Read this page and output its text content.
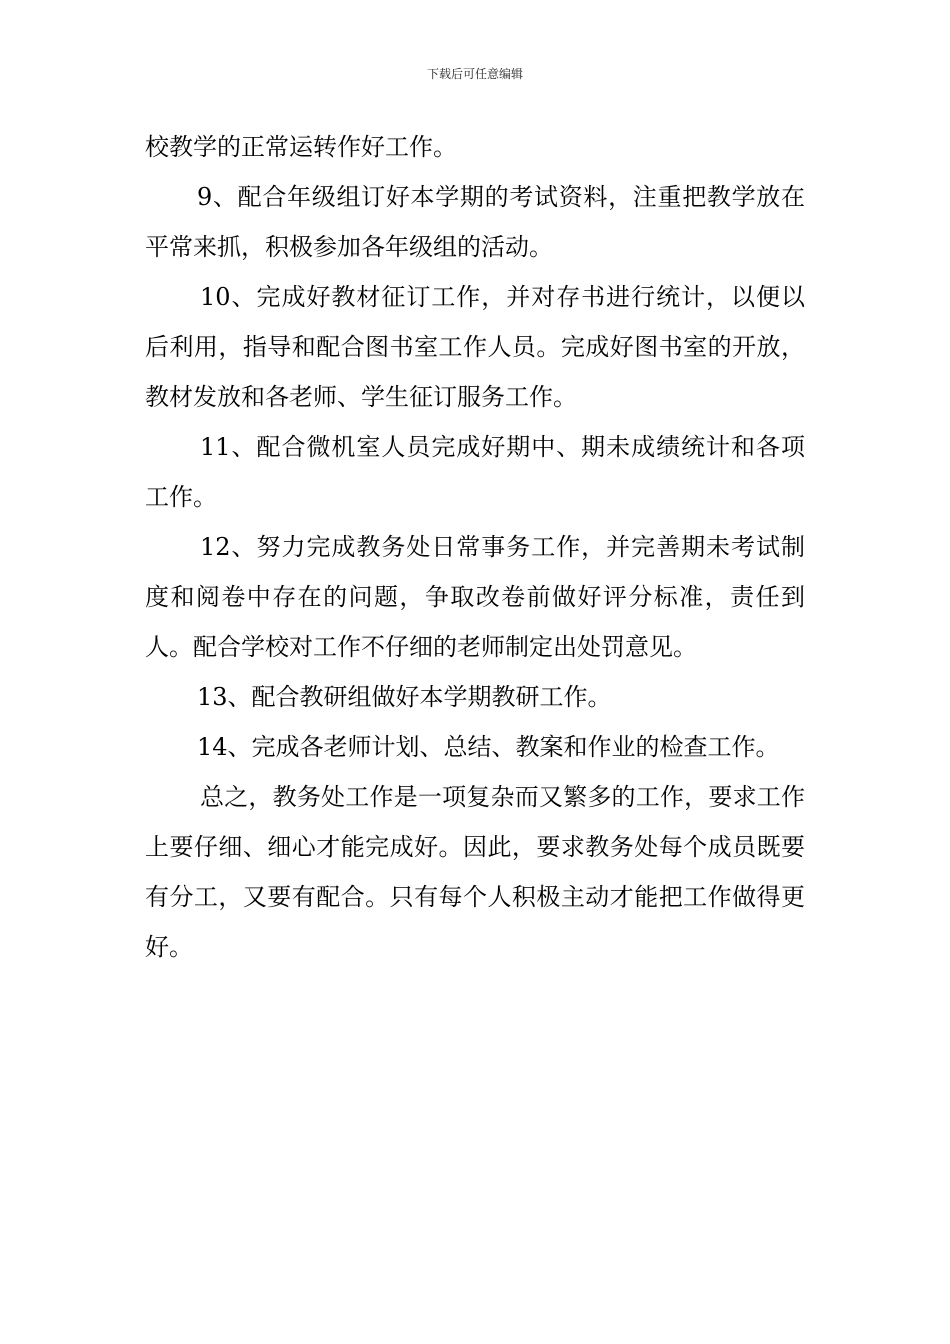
下载后可任意编辑

校教学的正常运转作好工作。

9、配合年级组订好本学期的考试资料，注重把教学放在平常来抓，积极参加各年级组的活动。

10、完成好教材征订工作，并对存书进行统计，以便以后利用，指导和配合图书室工作人员。完成好图书室的开放，教材发放和各老师、学生征订服务工作。

11、配合微机室人员完成好期中、期未成绩统计和各项工作。

12、努力完成教务处日常事务工作，并完善期未考试制度和阅卷中存在的问题，争取改卷前做好评分标准，责任到人。配合学校对工作不仔细的老师制定出处罚意见。

13、配合教研组做好本学期教研工作。

14、完成各老师计划、总结、教案和作业的检查工作。

总之，教务处工作是一项复杂而又繁多的工作，要求工作上要仔细、细心才能完成好。因此，要求教务处每个成员既要有分工，又要有配合。只有每个人积极主动才能把工作做得更好。
